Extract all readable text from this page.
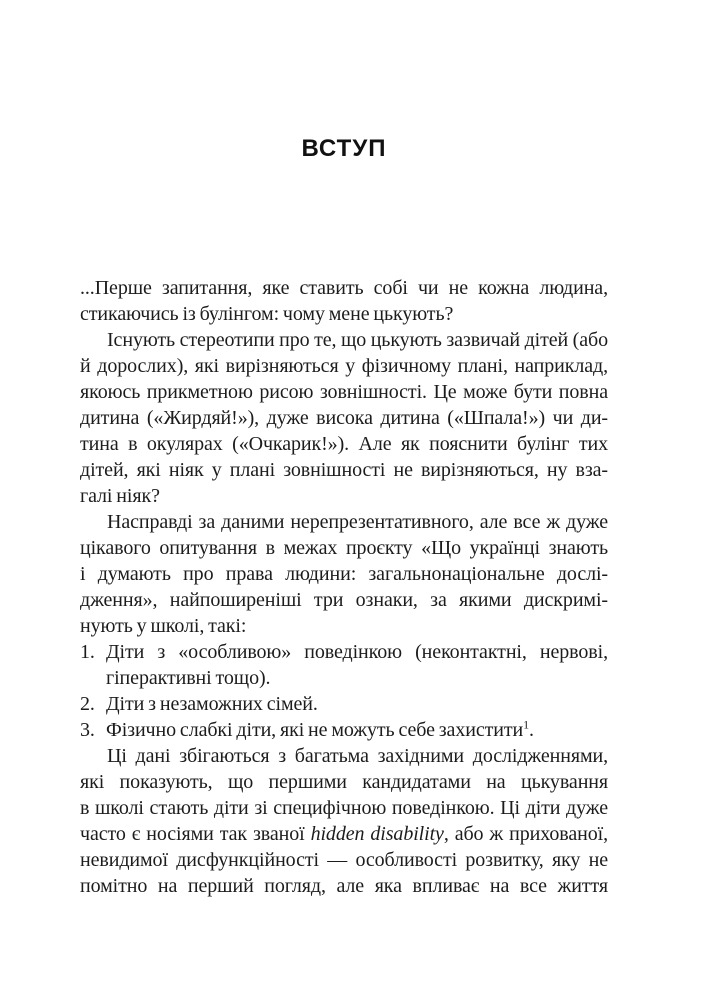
ВСТУП
...Перше запитання, яке ставить собі чи не кожна людина,
стикаючись із булінгом: чому мене цькують?
Існують стереотипи про те, що цькують зазвичай дітей (або
й дорослих), які вирізняються у фізичному плані, наприклад,
якоюсь прикметною рисою зовнішності. Це може бути повна
дитина («Жирдяй!»), дуже висока дитина («Шпала!») чи ди-
тина в окулярах («Очкарик!»). Але як пояснити булінг тих
дітей, які ніяк у плані зовнішності не вирізняються, ну вза-
галі ніяк?
Насправді за даними нерепрезентативного, але все ж дуже
цікавого опитування в межах проєкту «Що українці знають
і думають про права людини: загальнонаціональне дослі-
дження», найпоширеніші три ознаки, за якими дискримі-
нують у школі, такі:
1. Діти з «особливою» поведінкою (неконтактні, нервові,
гіперактивні тощо).
2. Діти з незаможних сімей.
3. Фізично слабкі діти, які не можуть себе захистити$^1$.
Ці дані збігаються з багатьма західними дослідженнями,
які показують, що першими кандидатами на цькування
в школі стають діти зі специфічною поведінкою. Ці діти дуже
часто є носіями так званої hidden disability, або ж прихованої,
невидимої дисфункційності — особливості розвитку, яку не
помітно на перший погляд, але яка впливає на все життя
